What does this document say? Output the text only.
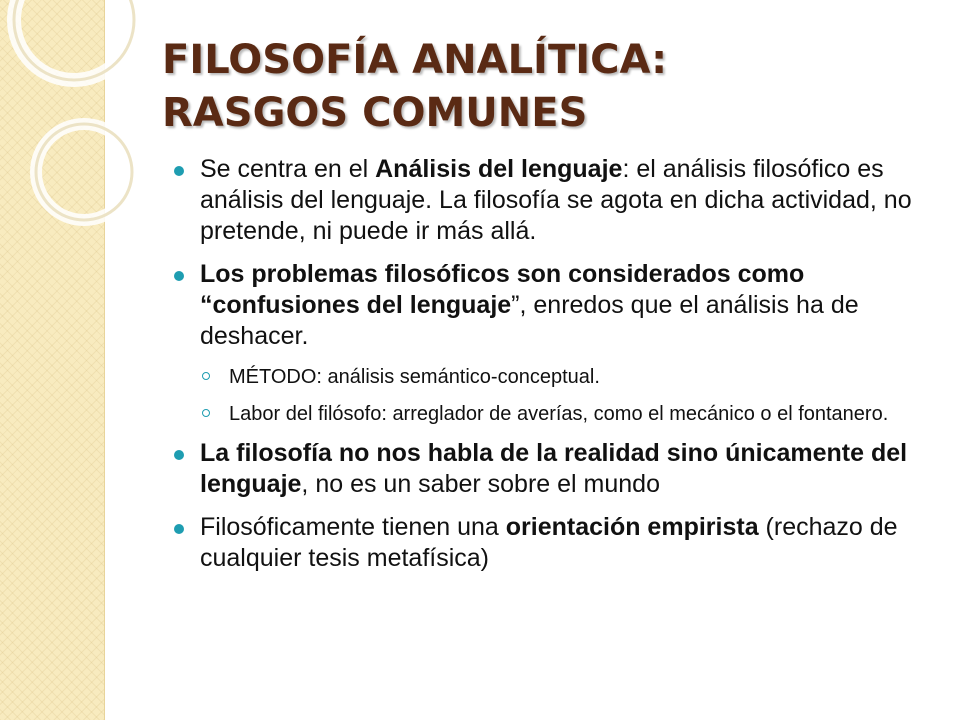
FILOSOFÍA ANALÍTICA:
RASGOS COMUNES
Se centra en el Análisis del lenguaje: el análisis filosófico es análisis del lenguaje. La filosofía se agota en dicha actividad, no pretende, ni puede ir más allá.
Los problemas filosóficos son considerados como “confusiones del lenguaje”, enredos que el análisis ha de deshacer.
MÉTODO: análisis semántico-conceptual.
Labor del filósofo: arreglador de averías, como el mecánico o el fontanero.
La filosofía no nos habla de la realidad sino únicamente del lenguaje, no es un saber sobre el mundo
Filosóficamente tienen una orientación empirista (rechazo de cualquier tesis metafísica)
